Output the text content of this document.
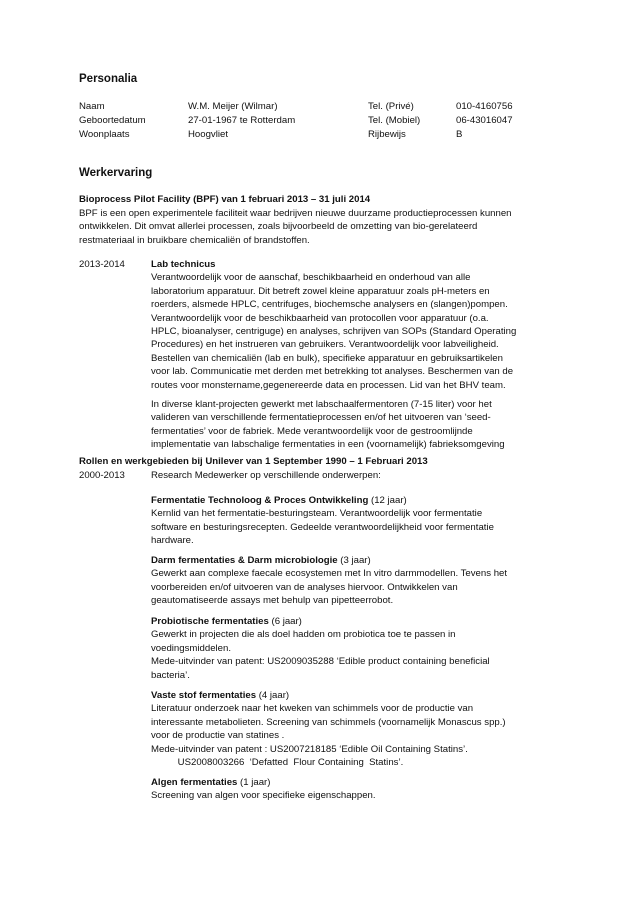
Personalia
Naam	W.M. Meijer (Wilmar)	Tel. (Privé)	010-4160756
Geboortedatum	27-01-1967 te Rotterdam	Tel. (Mobiel)	06-43016047
Woonplaats	Hoogvliet	Rijbewijs	B
Werkervaring
Bioprocess Pilot Facility (BPF) van 1 februari 2013 – 31 juli 2014
BPF is een open experimentele faciliteit waar bedrijven nieuwe duurzame productieprocessen kunnen
ontwikkelen. Dit omvat allerlei processen, zoals bijvoorbeeld de omzetting van bio-gerelateerd
restmateriaal in bruikbare chemicaliën of brandstoffen.
2013-2014	Lab technicus
Verantwoordelijk voor de aanschaf, beschikbaarheid en onderhoud van alle
laboratorium apparatuur. Dit betreft zowel kleine apparatuur zoals pH-meters en
roerders, alsmede HPLC, centrifuges, biochemsche analysers en (slangen)pompen.
Verantwoordelijk voor de beschikbaarheid van protocollen voor apparatuur (o.a.
HPLC, bioanalyser, centriguge) en analyses, schrijven van SOPs (Standard Operating
Procedures) en het instrueren van gebruikers. Verantwoordelijk voor labveiligheid.
Bestellen van chemicaliën (lab en bulk), specifieke apparatuur en gebruiksartikelen
voor lab. Communicatie met derden met betrekking tot analyses. Beschermen van de
routes voor monstername,gegenereerde data en processen. Lid van het BHV team.
In diverse klant-projecten gewerkt met labschaalfermentoren (7-15 liter) voor het
valideren van verschillende fermentatieprocessen en/of het uitvoeren van ‘seed-
fermentaties’ voor de fabriek. Mede verantwoordelijk voor de gestroomlijnde
implementatie van labschalige fermentaties in een (voornamelijk) fabrieksomgeving
Rollen en werkgebieden bij Unilever van 1 September 1990 – 1 Februari 2013
2000-2013	Research Medewerker op verschillende onderwerpen:
Fermentatie Technoloog & Proces Ontwikkeling (12 jaar)
Kernlid van het fermentatie-besturingsteam. Verantwoordelijk voor fermentatie
software en besturingsrecepten. Gedeelde verantwoordelijkheid voor fermentatie
hardware.
Darm fermentaties & Darm microbiologie (3 jaar)
Gewerkt aan complexe faecale ecosystemen met In vitro darmmodellen. Tevens het
voorbereiden en/of uitvoeren van de analyses hiervoor. Ontwikkelen van
geautomatiseerde assays met behulp van pipetteerrobot.
Probiotische fermentaties (6 jaar)
Gewerkt in projecten die als doel hadden om probiotica toe te passen in
voedingsmiddelen.
Mede-uitvinder van patent: US2009035288 ‘Edible product containing beneficial
bacteria’.
Vaste stof fermentaties (4 jaar)
Literatuur onderzoek naar het kweken van schimmels voor de productie van
interessante metabolieten. Screening van schimmels (voornamelijk Monascus spp.)
voor de productie van statines .
Mede-uitvinder van patent : US2007218185 ‘Edible Oil Containing Statins’.
US2008003266  ‘Defatted  Flour Containing  Statins’.
Algen fermentaties (1 jaar)
Screening van algen voor specifieke eigenschappen.
